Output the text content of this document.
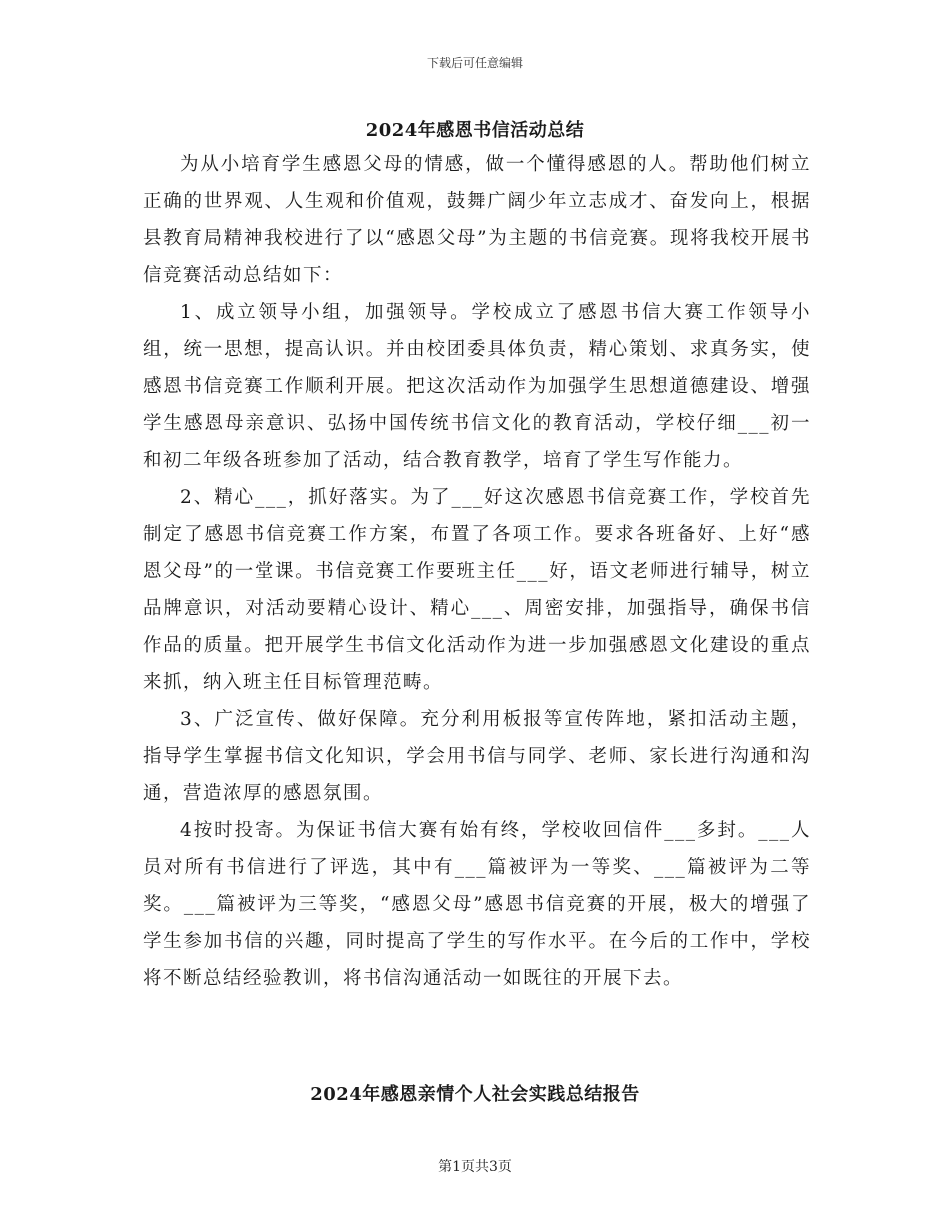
下载后可任意编辑
2024年感恩书信活动总结

为从小培育学生感恩父母的情感，做一个懂得感恩的人。帮助他们树立正确的世界观、人生观和价值观，鼓舞广阔少年立志成才、奋发向上，根据县教育局精神我校进行了以“感恩父母”为主题的书信竞赛。现将我校开展书信竞赛活动总结如下：

1、成立领导小组，加强领导。学校成立了感恩书信大赛工作领导小组，统一思想，提高认识。并由校团委具体负责，精心策划、求真务实，使感恩书信竞赛工作顺利开展。把这次活动作为加强学生思想道德建设、增强学生感恩母亲意识、弘扬中国传统书信文化的教育活动，学校仔细___初一和初二年级各班参加了活动，结合教育教学，培育了学生写作能力。

2、精心___，抓好落实。为了___好这次感恩书信竞赛工作，学校首先制定了感恩书信竞赛工作方案，布置了各项工作。要求各班备好、上好“感恩父母”的一堂课。书信竞赛工作要班主任___好，语文老师进行辅导，树立品牌意识，对活动要精心设计、精心___、周密安排，加强指导，确保书信作品的质量。把开展学生书信文化活动作为进一步加强感恩文化建设的重点来抓，纳入班主任目标管理范畴。

3、广泛宣传、做好保障。充分利用板报等宣传阵地，紧扣活动主题，指导学生掌握书信文化知识，学会用书信与同学、老师、家长进行沟通和沟通，营造浓厚的感恩氛围。

4按时投寄。为保证书信大赛有始有终，学校收回信件___多封。___人员对所有书信进行了评选，其中有___篇被评为一等奖、___篇被评为二等奖。___篇被评为三等奖，“感恩父母”感恩书信竞赛的开展，极大的增强了学生参加书信的兴趣，同时提高了学生的写作水平。在今后的工作中，学校将不断总结经验教训，将书信沟通活动一如既往的开展下去。

2024年感恩亲情个人社会实践总结报告
第1页共3页
